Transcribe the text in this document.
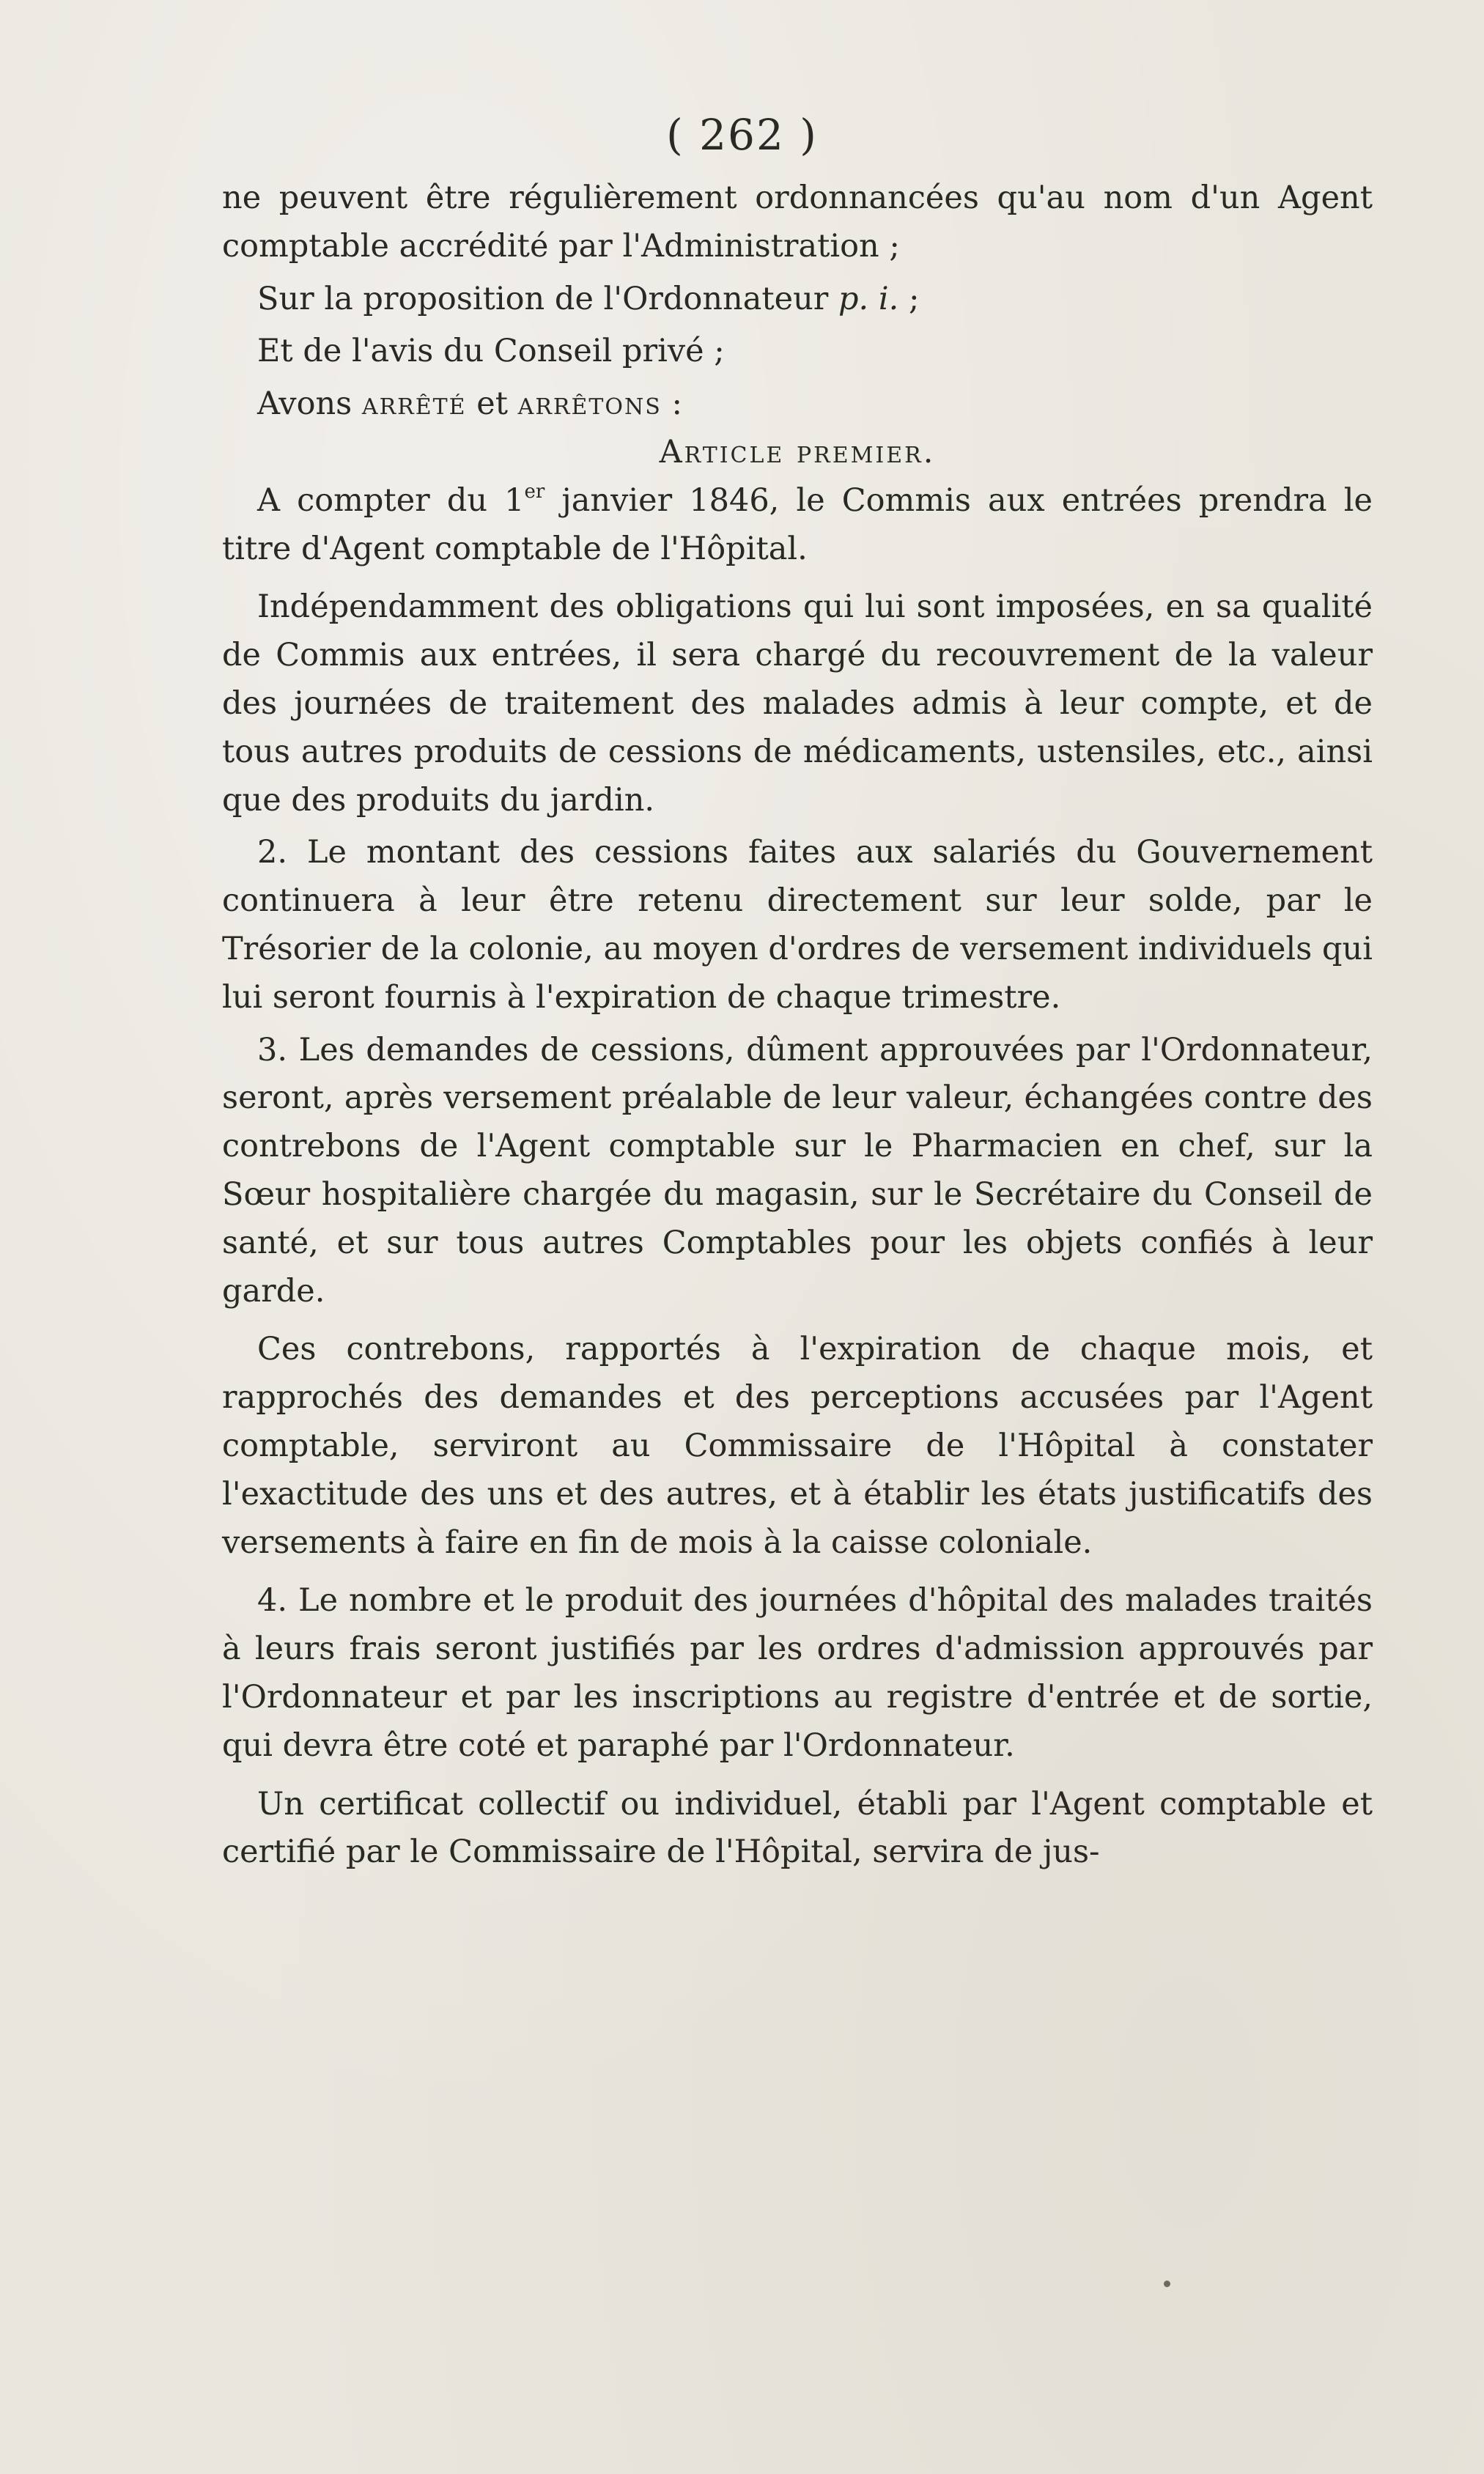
( 262 )

ne peuvent être régulièrement ordonnancées qu'au nom d'un Agent comptable accrédité par l'Administration ;

Sur la proposition de l'Ordonnateur p. i. ;

Et de l'avis du Conseil privé ;

Avons arrêté et arrêtons :

Article premier.

A compter du 1er janvier 1846, le Commis aux entrées prendra le titre d'Agent comptable de l'Hôpital.

Indépendamment des obligations qui lui sont imposées, en sa qualité de Commis aux entrées, il sera chargé du recouvrement de la valeur des journées de traitement des malades admis à leur compte, et de tous autres produits de cessions de médicaments, ustensiles, etc., ainsi que des produits du jardin.

2. Le montant des cessions faites aux salariés du Gouvernement continuera à leur être retenu directement sur leur solde, par le Trésorier de la colonie, au moyen d'ordres de versement individuels qui lui seront fournis à l'expiration de chaque trimestre.

3. Les demandes de cessions, dûment approuvées par l'Ordonnateur, seront, après versement préalable de leur valeur, échangées contre des contrebons de l'Agent comptable sur le Pharmacien en chef, sur la Sœur hospitalière chargée du magasin, sur le Secrétaire du Conseil de santé, et sur tous autres Comptables pour les objets confiés à leur garde.

Ces contrebons, rapportés à l'expiration de chaque mois, et rapprochés des demandes et des perceptions accusées par l'Agent comptable, serviront au Commissaire de l'Hôpital à constater l'exactitude des uns et des autres, et à établir les états justificatifs des versements à faire en fin de mois à la caisse coloniale.

4. Le nombre et le produit des journées d'hôpital des malades traités à leurs frais seront justifiés par les ordres d'admission approuvés par l'Ordonnateur et par les inscriptions au registre d'entrée et de sortie, qui devra être coté et paraphé par l'Ordonnateur.

Un certificat collectif ou individuel, établi par l'Agent comptable et certifié par le Commissaire de l'Hôpital, servira de jus-
